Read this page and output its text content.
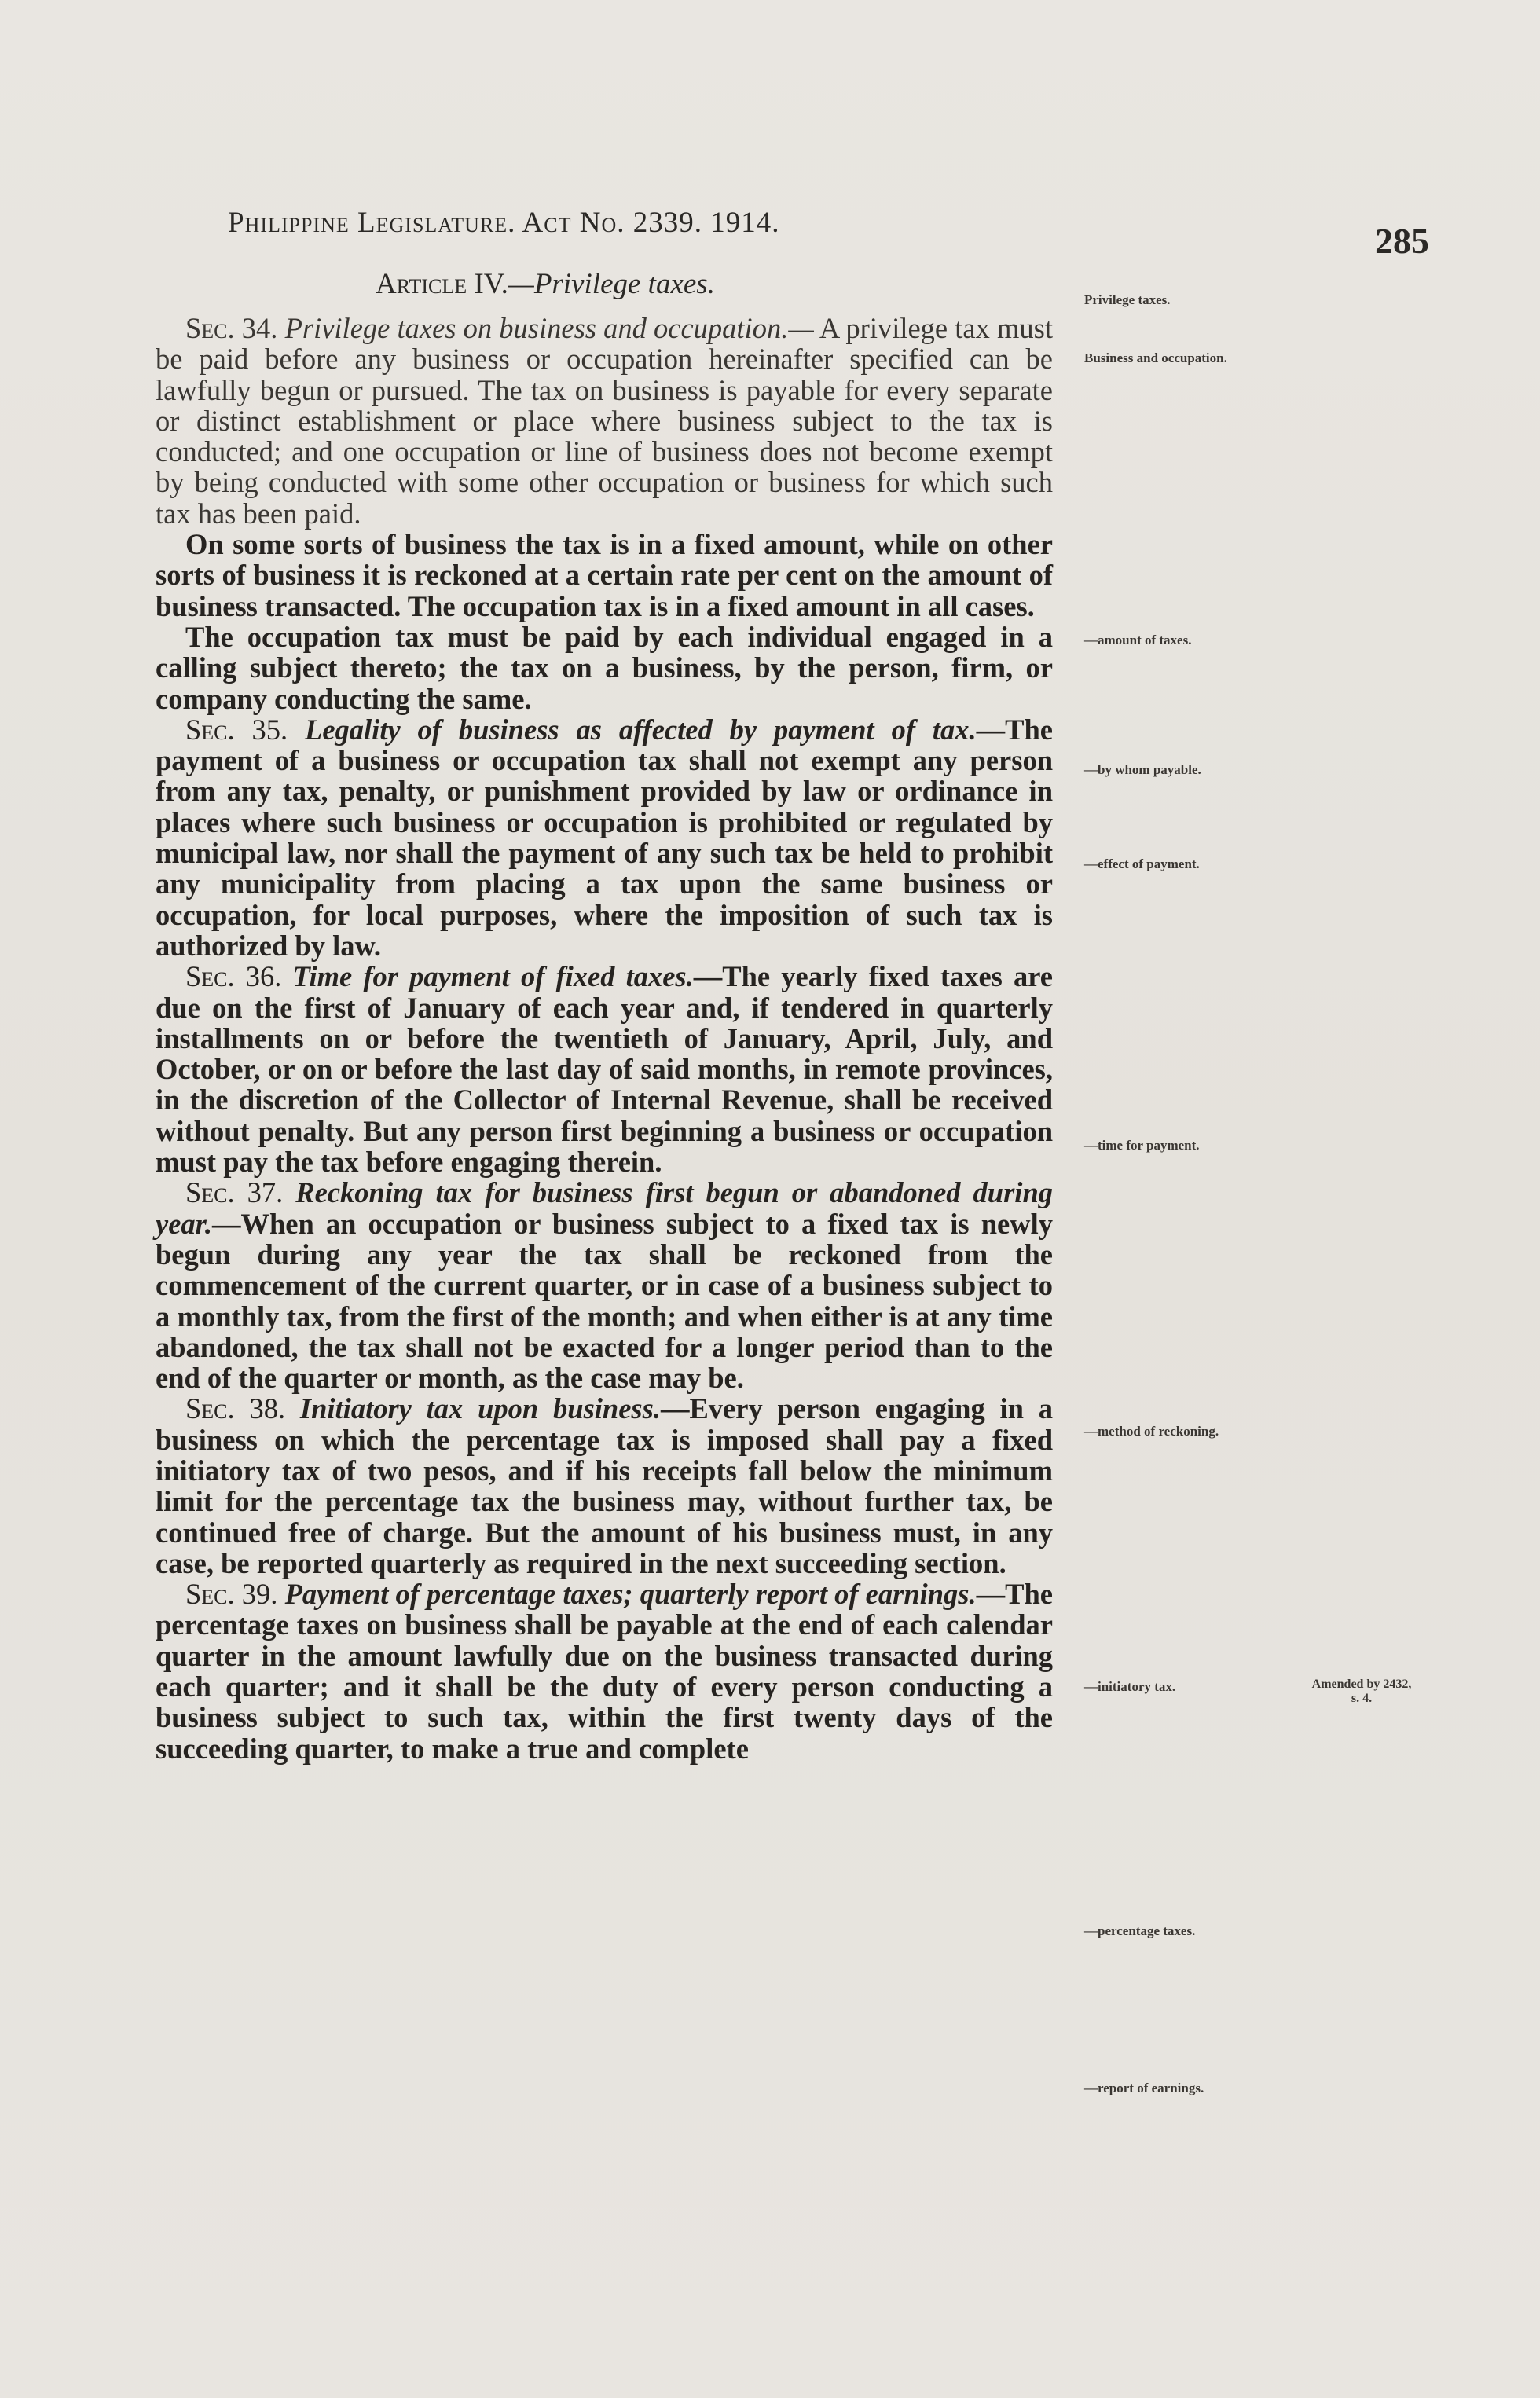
Philippine Legislature. Act No. 2339. 1914.	285
Article IV.—Privilege taxes.

Sec. 34. Privilege taxes on business and occupation.— A privilege tax must be paid before any business or occupation hereinafter specified can be lawfully begun or pursued. The tax on business is payable for every separate or distinct establishment or place where business subject to the tax is conducted; and one occupation or line of business does not become exempt by being conducted with some other occupation or business for which such tax has been paid.

On some sorts of business the tax is in a fixed amount, while on other sorts of business it is reckoned at a certain rate per cent on the amount of business transacted. The occupation tax is in a fixed amount in all cases.

The occupation tax must be paid by each individual engaged in a calling subject thereto; the tax on a business, by the person, firm, or company conducting the same.

Sec. 35. Legality of business as affected by payment of tax.—The payment of a business or occupation tax shall not exempt any person from any tax, penalty, or punishment provided by law or ordinance in places where such business or occupation is prohibited or regulated by municipal law, nor shall the payment of any such tax be held to prohibit any municipality from placing a tax upon the same business or occupation, for local purposes, where the imposition of such tax is authorized by law.

Sec. 36. Time for payment of fixed taxes.—The yearly fixed taxes are due on the first of January of each year and, if tendered in quarterly installments on or before the twentieth of January, April, July, and October, or on or before the last day of said months, in remote provinces, in the discretion of the Collector of Internal Revenue, shall be received without penalty. But any person first beginning a business or occupation must pay the tax before engaging therein.

Sec. 37. Reckoning tax for business first begun or abandoned during year.—When an occupation or business subject to a fixed tax is newly begun during any year the tax shall be reckoned from the commencement of the current quarter, or in case of a business subject to a monthly tax, from the first of the month; and when either is at any time abandoned, the tax shall not be exacted for a longer period than to the end of the quarter or month, as the case may be.

Sec. 38. Initiatory tax upon business.—Every person engaging in a business on which the percentage tax is imposed shall pay a fixed initiatory tax of two pesos, and if his receipts fall below the minimum limit for the percentage tax the business may, without further tax, be continued free of charge. But the amount of his business must, in any case, be reported quarterly as required in the next succeeding section.

Sec. 39. Payment of percentage taxes; quarterly report of earnings.—The percentage taxes on business shall be payable at the end of each calendar quarter in the amount lawfully due on the business transacted during each quarter; and it shall be the duty of every person conducting a business subject to such tax, within the first twenty days of the succeeding quarter, to make a true and complete

Privilege taxes.
Business and occupation.
—amount of taxes.
—by whom payable.
—effect of payment.
—time for payment.
—method of reckoning.
—initiatory tax.
—percentage taxes.
—report of earnings.
Amended by 2432, s. 4.
